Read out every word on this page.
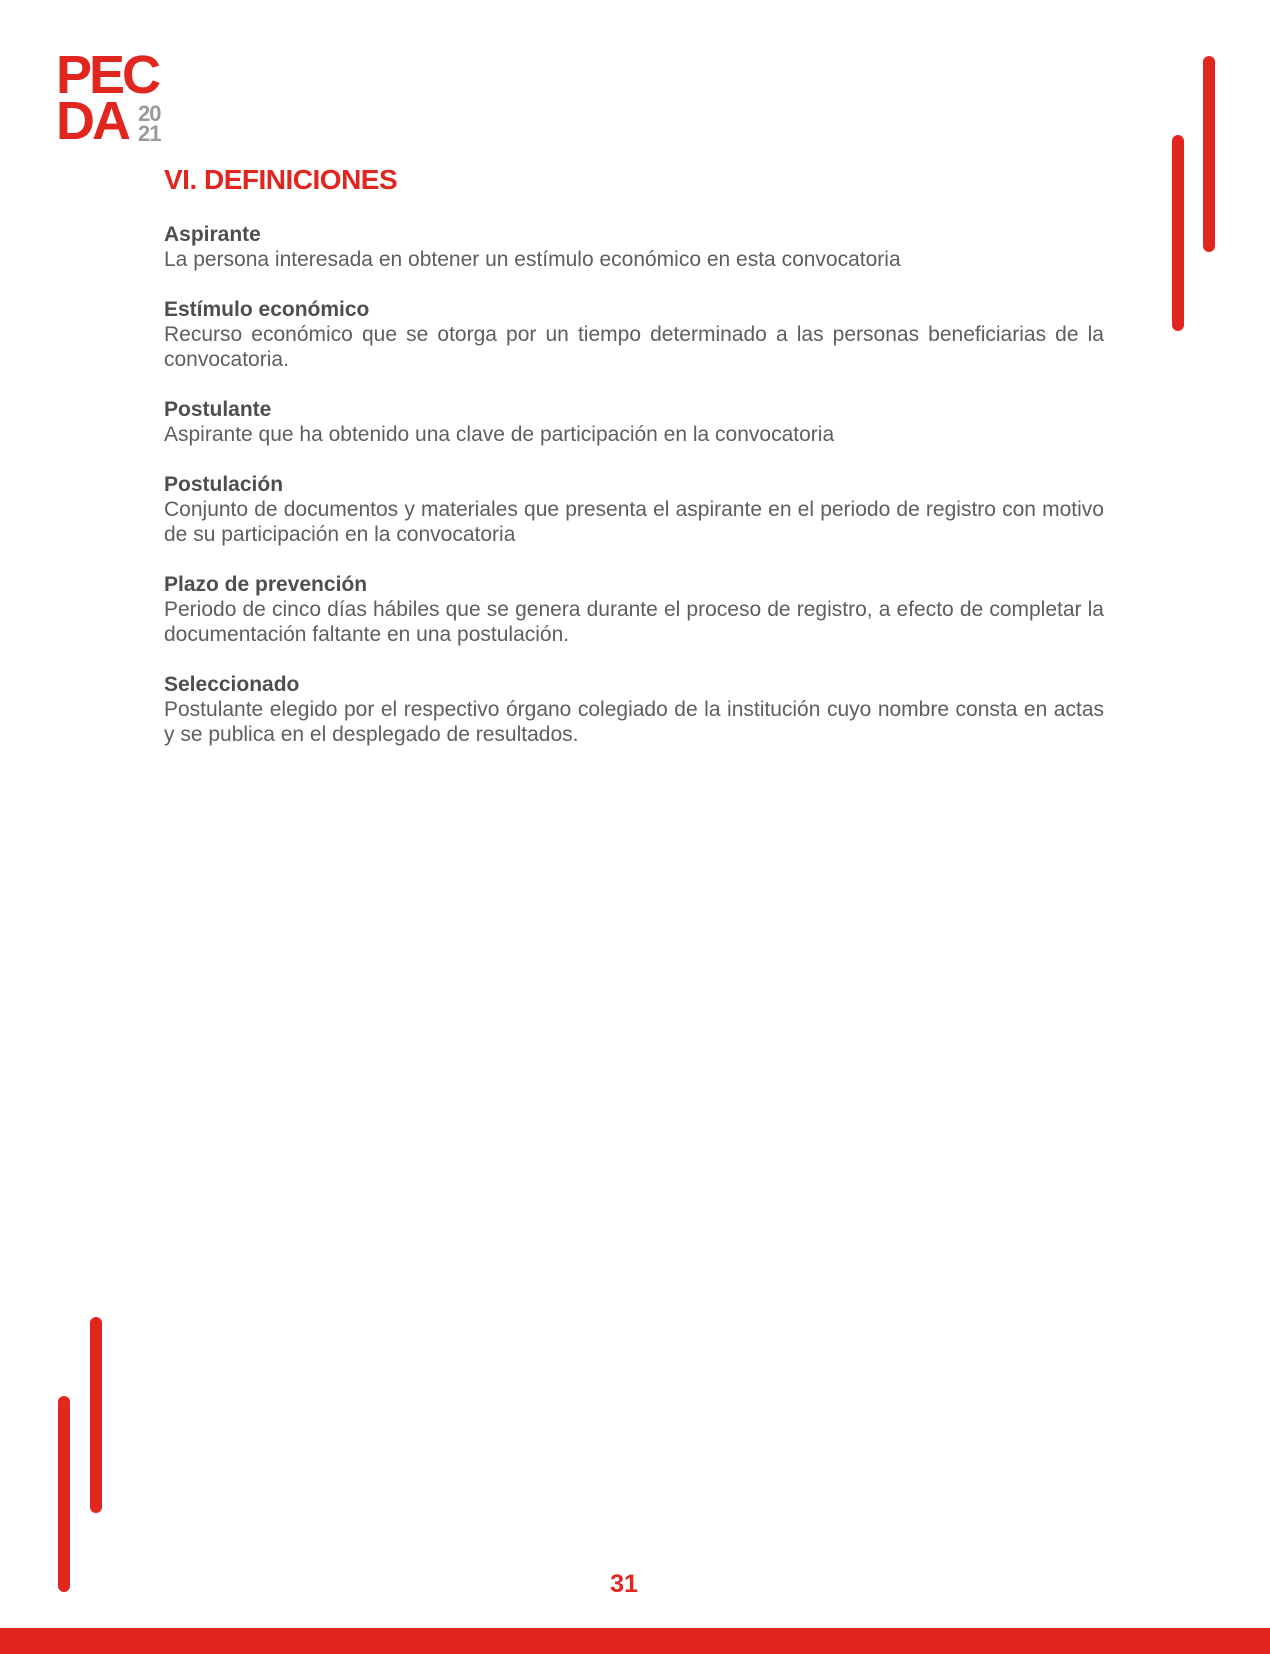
PEC
DA 20
21
VI. DEFINICIONES
Aspirante

La persona interesada en obtener un estímulo económico en esta convocatoria

Estímulo económico

Recurso económico que se otorga por un tiempo determinado a las personas beneficiarias de la convocatoria.

Postulante

Aspirante que ha obtenido una clave de participación en la convocatoria

Postulación

Conjunto de documentos y materiales que presenta el aspirante en el periodo de registro con motivo de su participación en la convocatoria

Plazo de prevención

Periodo de cinco días hábiles que se genera durante el proceso de registro, a efecto de completar la documentación faltante en una postulación.

Seleccionado

Postulante elegido por el respectivo órgano colegiado de la institución cuyo nombre consta en actas y se publica en el desplegado de resultados.

31
